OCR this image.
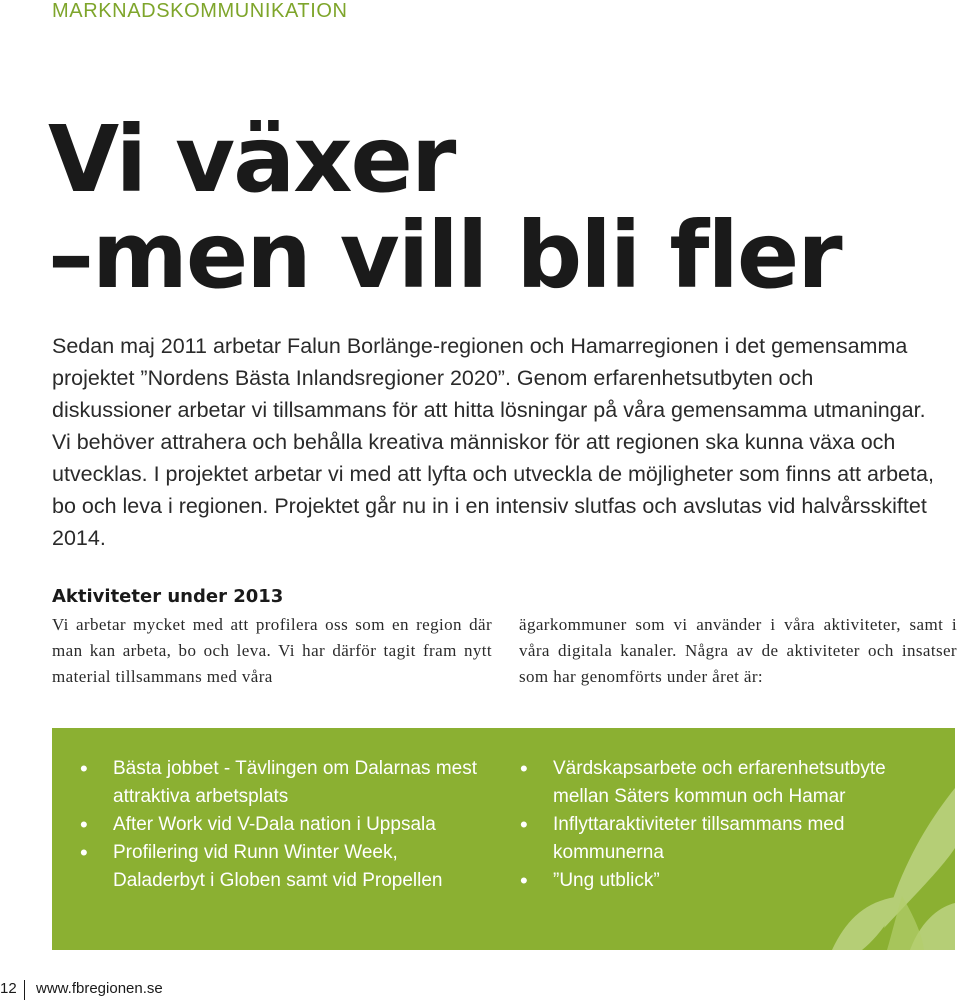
MARKNADSKOMMUNIKATION
Vi växer
–men vill bli fler

Sedan maj 2011 arbetar Falun Borlänge-regionen och Hamarregionen i det gemensamma projektet ”Nordens Bästa Inlandsregioner 2020”. Genom erfarenhetsutbyten och diskussioner arbetar vi tillsammans för att hitta lösningar på våra gemensamma utmaningar. Vi behöver attrahera och behålla kreativa människor för att regionen ska kunna växa och utvecklas. I projektet arbetar vi med att lyfta och utveckla de möjligheter som finns att arbeta, bo och leva i regionen. Projektet går nu in i en intensiv slutfas och avslutas vid halvårsskiftet 2014.

Aktiviteter under 2013

Vi arbetar mycket med att profilera oss som en region där man kan arbeta, bo och leva. Vi har därför tagit fram nytt material tillsammans med våra

ägarkommuner som vi använder i våra aktiviteter, samt i våra digitala kanaler. Några av de aktiviteter och insatser som har genomförts under året är:

• Bästa jobbet - Tävlingen om Dalarnas mest attraktiva arbetsplats
• After Work vid V-Dala nation i Uppsala
• Profilering vid Runn Winter Week, Daladerbyt i Globen samt vid Propellen
• Värdskapsarbete och erfarenhetsutbyte mellan Säters kommun och Hamar
• Inflyttaraktiviteter tillsammans med kommunerna
• ”Ung utblick”
12 www.fbregionen.se
